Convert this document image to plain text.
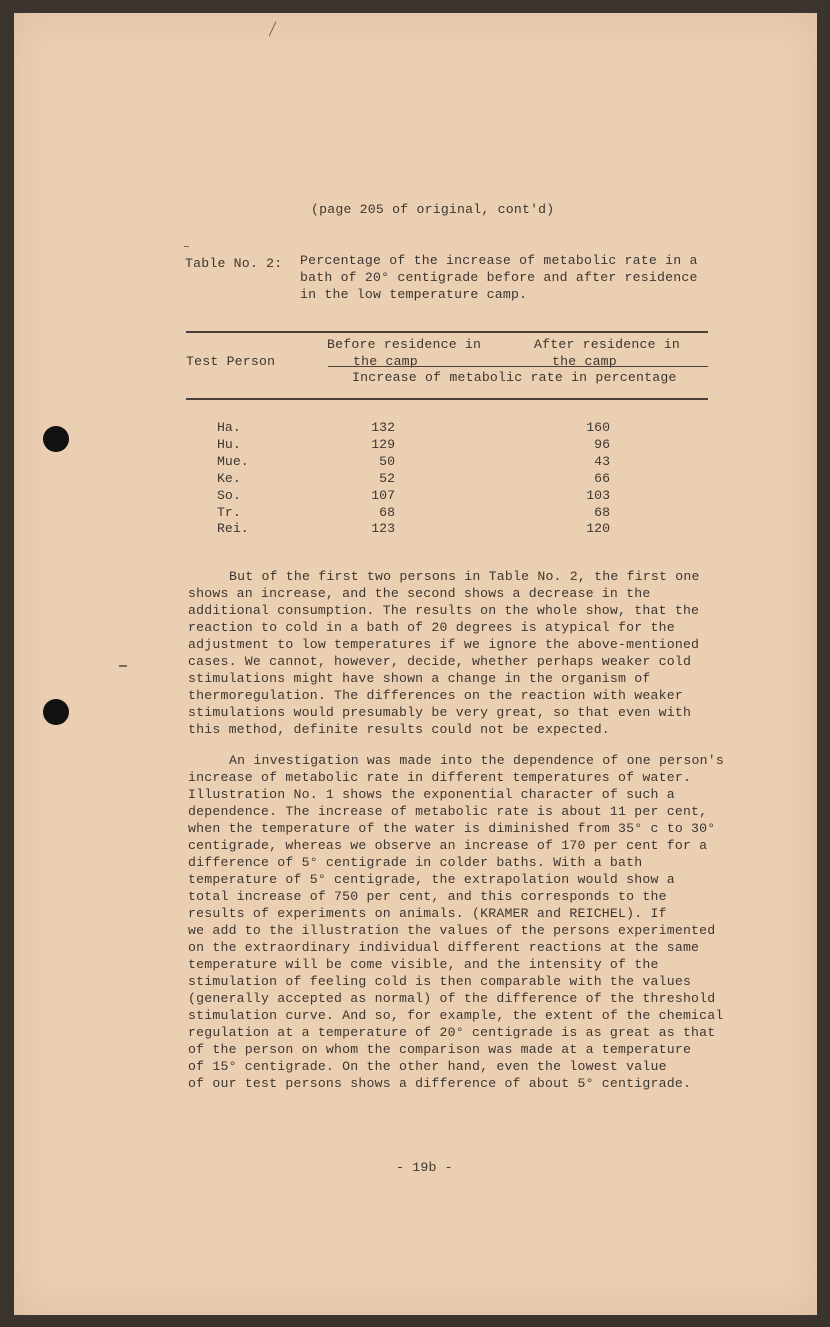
(page 205 of original, cont'd)
Table No. 2: Percentage of the increase of metabolic rate in a
bath of 20° centigrade before and after residence
in the low temperature camp.
Test Person
Before residence in
the camp
After residence in
the camp
Increase of metabolic rate in percentage
Ha.	132	160
Hu.	129	96
Mue.	50	43
Ke.	52	66
So.	107	103
Tr.	68	68
Rei.	123	120
But of the first two persons in Table No. 2, the first one
shows an increase, and the second shows a decrease in the
additional consumption. The results on the whole show, that the
reaction to cold in a bath of 20 degrees is atypical for the
adjustment to low temperatures if we ignore the above-mentioned
cases. We cannot, however, decide, whether perhaps weaker cold
stimulations might have shown a change in the organism of
thermoregulation. The differences on the reaction with weaker
stimulations would presumably be very great, so that even with
this method, definite results could not be expected.
An investigation was made into the dependence of one person's
increase of metabolic rate in different temperatures of water.
Illustration No. 1 shows the exponential character of such a
dependence. The increase of metabolic rate is about 11 per cent,
when the temperature of the water is diminished from 35° c to 30°
centigrade, whereas we observe an increase of 170 per cent for a
difference of 5° centigrade in colder baths. With a bath
temperature of 5° centigrade, the extrapolation would show a
total increase of 750 per cent, and this corresponds to the
results of experiments on animals. (KRAMER and REICHEL). If
we add to the illustration the values of the persons experimented
on the extraordinary individual different reactions at the same
temperature will be come visible, and the intensity of the
stimulation of feeling cold is then comparable with the values
(generally accepted as normal) of the difference of the threshold
stimulation curve. And so, for example, the extent of the chemical
regulation at a temperature of 20° centigrade is as great as that
of the person on whom the comparison was made at a temperature
of 15° centigrade. On the other hand, even the lowest value
of our test persons shows a difference of about 5° centigrade.
- 19b -
